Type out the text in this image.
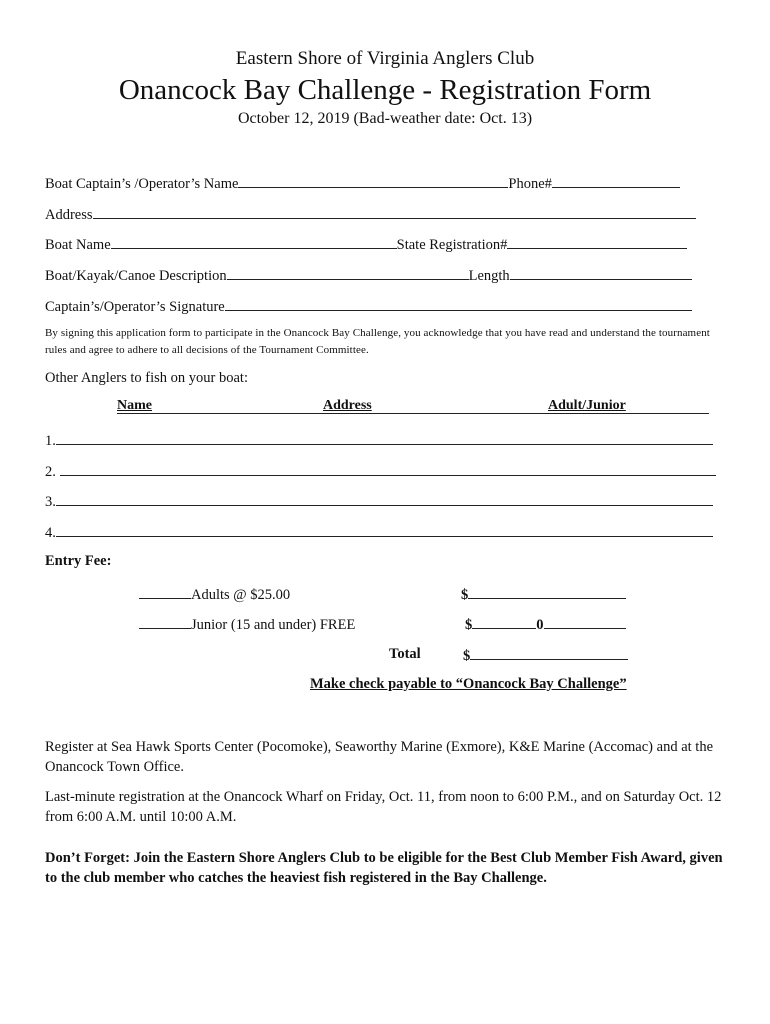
Eastern Shore of Virginia Anglers Club
Onancock Bay Challenge - Registration Form
October 12, 2019 (Bad-weather date: Oct. 13)
Boat Captain’s /Operator’s Name	Phone#
Address
Boat Name	State Registration#
Boat/Kayak/Canoe Description	Length
Captain’s/Operator’s Signature
By signing this application form to participate in the Onancock Bay Challenge, you acknowledge that you have read and understand the tournament rules and agree to adhere to all decisions of the Tournament Committee.
Other Anglers to fish on your boat:
Name	Address	Adult/Junior
1.
2.
3.
4.
Entry Fee:
Adults @ $25.00	$
Junior (15 and under) FREE	$	0
Total	$
Make check payable to “Onancock Bay Challenge”
Register at Sea Hawk Sports Center (Pocomoke), Seaworthy Marine (Exmore), K&E Marine (Accomac) and at the Onancock Town Office.
Last-minute registration at the Onancock Wharf on Friday, Oct. 11, from noon to 6:00 P.M., and on Saturday Oct. 12 from 6:00 A.M. until 10:00 A.M.
Don’t Forget: Join the Eastern Shore Anglers Club to be eligible for the Best Club Member Fish Award, given to the club member who catches the heaviest fish registered in the Bay Challenge.
